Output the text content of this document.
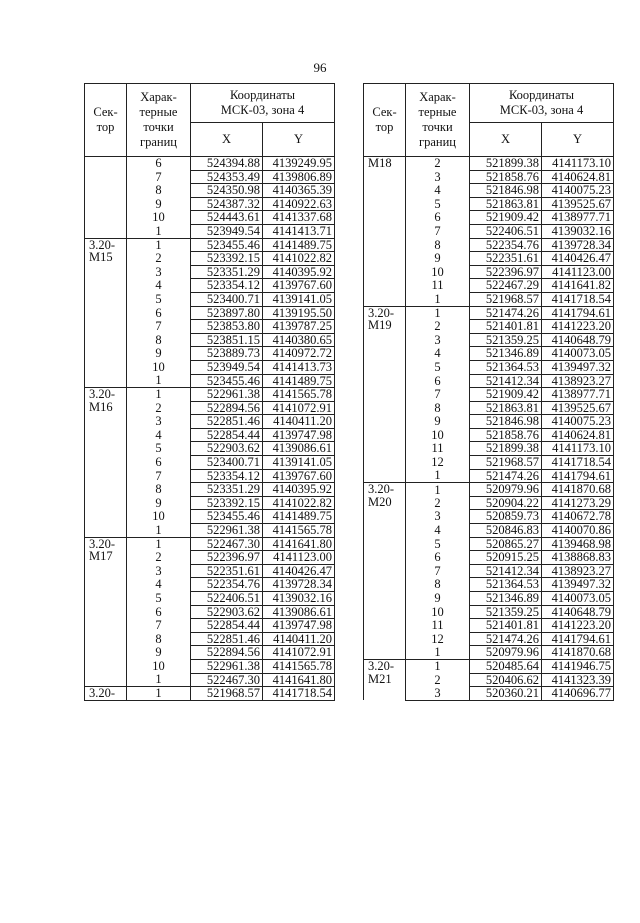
96
Сек-
тор	Харак-
терные
точки
границ	Координаты
МСК-03, зона 4	
		X	Y
	6	524394.88	4139249.95
	7	524353.49	4139806.89
	8	524350.98	4140365.39
	9	524387.32	4140922.63
	10	524443.61	4141337.68
	1	523949.54	4141413.71
3.20-
М15	1	523455.46	4141489.75
	2	523392.15	4141022.82
	3	523351.29	4140395.92
	4	523354.12	4139767.60
	5	523400.71	4139141.05
	6	523897.80	4139195.50
	7	523853.80	4139787.25
	8	523851.15	4140380.65
	9	523889.73	4140972.72
	10	523949.54	4141413.73
	1	523455.46	4141489.75
3.20-
М16	1	522961.38	4141565.78
	2	522894.56	4141072.91
	3	522851.46	4140411.20
	4	522854.44	4139747.98
	5	522903.62	4139086.61
	6	523400.71	4139141.05
	7	523354.12	4139767.60
	8	523351.29	4140395.92
	9	523392.15	4141022.82
	10	523455.46	4141489.75
	1	522961.38	4141565.78
3.20-
М17	1	522467.30	4141641.80
	2	522396.97	4141123.00
	3	522351.61	4140426.47
	4	522354.76	4139728.34
	5	522406.51	4139032.16
	6	522903.62	4139086.61
	7	522854.44	4139747.98
	8	522851.46	4140411.20
	9	522894.56	4141072.91
	10	522961.38	4141565.78
	1	522467.30	4141641.80
3.20-	1	521968.57	4141718.54
Сек-
тор	Харак-
терные
точки
границ	Координаты
МСК-03, зона 4	
		X	Y
М18	2	521899.38	4141173.10
	3	521858.76	4140624.81
	4	521846.98	4140075.23
	5	521863.81	4139525.67
	6	521909.42	4138977.71
	7	522406.51	4139032.16
	8	522354.76	4139728.34
	9	522351.61	4140426.47
	10	522396.97	4141123.00
	11	522467.29	4141641.82
	1	521968.57	4141718.54
3.20-
М19	1	521474.26	4141794.61
	2	521401.81	4141223.20
	3	521359.25	4140648.79
	4	521346.89	4140073.05
	5	521364.53	4139497.32
	6	521412.34	4138923.27
	7	521909.42	4138977.71
	8	521863.81	4139525.67
	9	521846.98	4140075.23
	10	521858.76	4140624.81
	11	521899.38	4141173.10
	12	521968.57	4141718.54
	1	521474.26	4141794.61
3.20-
М20	1	520979.96	4141870.68
	2	520904.22	4141273.29
	3	520859.73	4140672.78
	4	520846.83	4140070.86
	5	520865.27	4139468.98
	6	520915.25	4138868.83
	7	521412.34	4138923.27
	8	521364.53	4139497.32
	9	521346.89	4140073.05
	10	521359.25	4140648.79
	11	521401.81	4141223.20
	12	521474.26	4141794.61
	1	520979.96	4141870.68
3.20-
М21	1	520485.64	4141946.75
	2	520406.62	4141323.39
	3	520360.21	4140696.77
